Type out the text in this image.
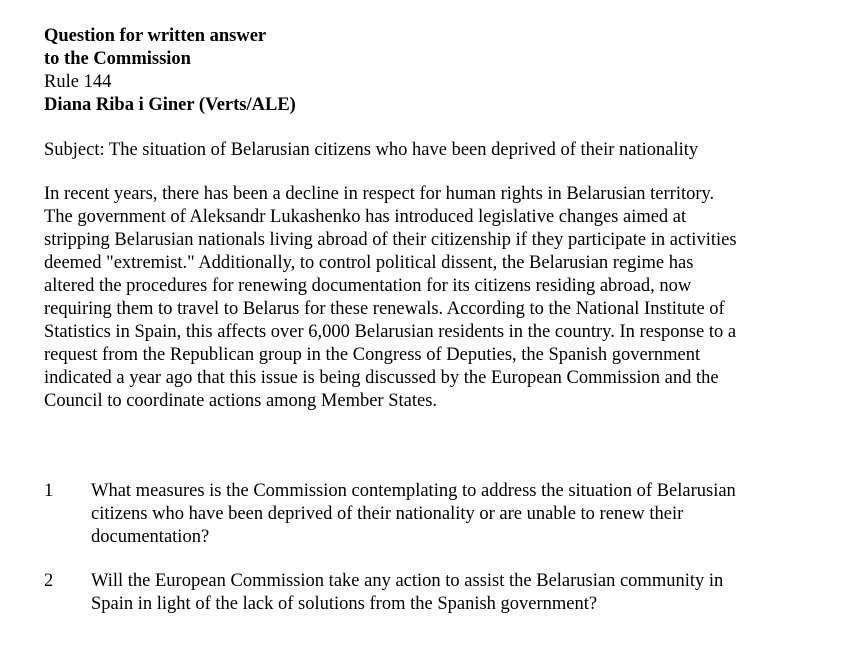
Question for written answer

to the Commission

Rule 144

Diana Riba i Giner (Verts/ALE)

Subject: The situation of Belarusian citizens who have been deprived of their nationality
In recent years, there has been a decline in respect for human rights in Belarusian territory.
The government of Aleksandr Lukashenko has introduced legislative changes aimed at
stripping Belarusian nationals living abroad of their citizenship if they participate in activities
deemed "extremist." Additionally, to control political dissent, the Belarusian regime has
altered the procedures for renewing documentation for its citizens residing abroad, now
requiring them to travel to Belarus for these renewals. According to the National Institute of
Statistics in Spain, this affects over 6,000 Belarusian residents in the country. In response to a
request from the Republican group in the Congress of Deputies, the Spanish government
indicated a year ago that this issue is being discussed by the European Commission and the
Council to coordinate actions among Member States.
1	What measures is the Commission contemplating to address the situation of Belarusian
citizens who have been deprived of their nationality or are unable to renew their
documentation?
2	Will the European Commission take any action to assist the Belarusian community in
Spain in light of the lack of solutions from the Spanish government?
